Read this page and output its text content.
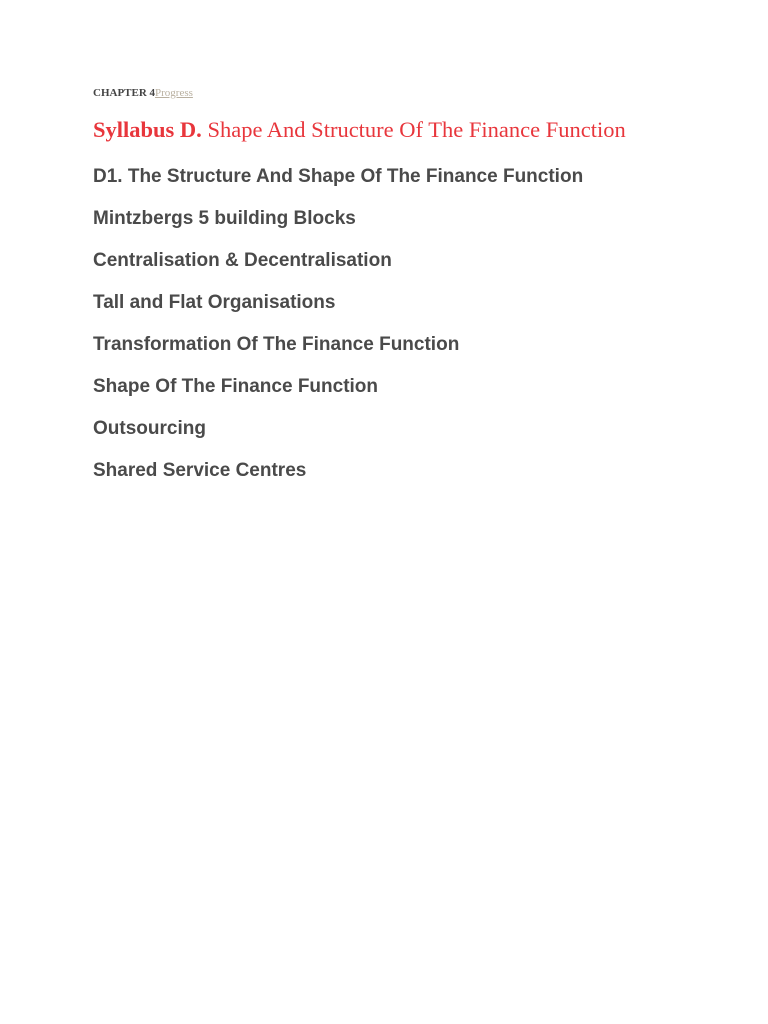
CHAPTER 4Progress
Syllabus D. Shape And Structure Of The Finance Function
D1. The Structure And Shape Of The Finance Function
Mintzbergs 5 building Blocks
Centralisation & Decentralisation
Tall and Flat Organisations
Transformation Of The Finance Function
Shape Of The Finance Function
Outsourcing
Shared Service Centres
